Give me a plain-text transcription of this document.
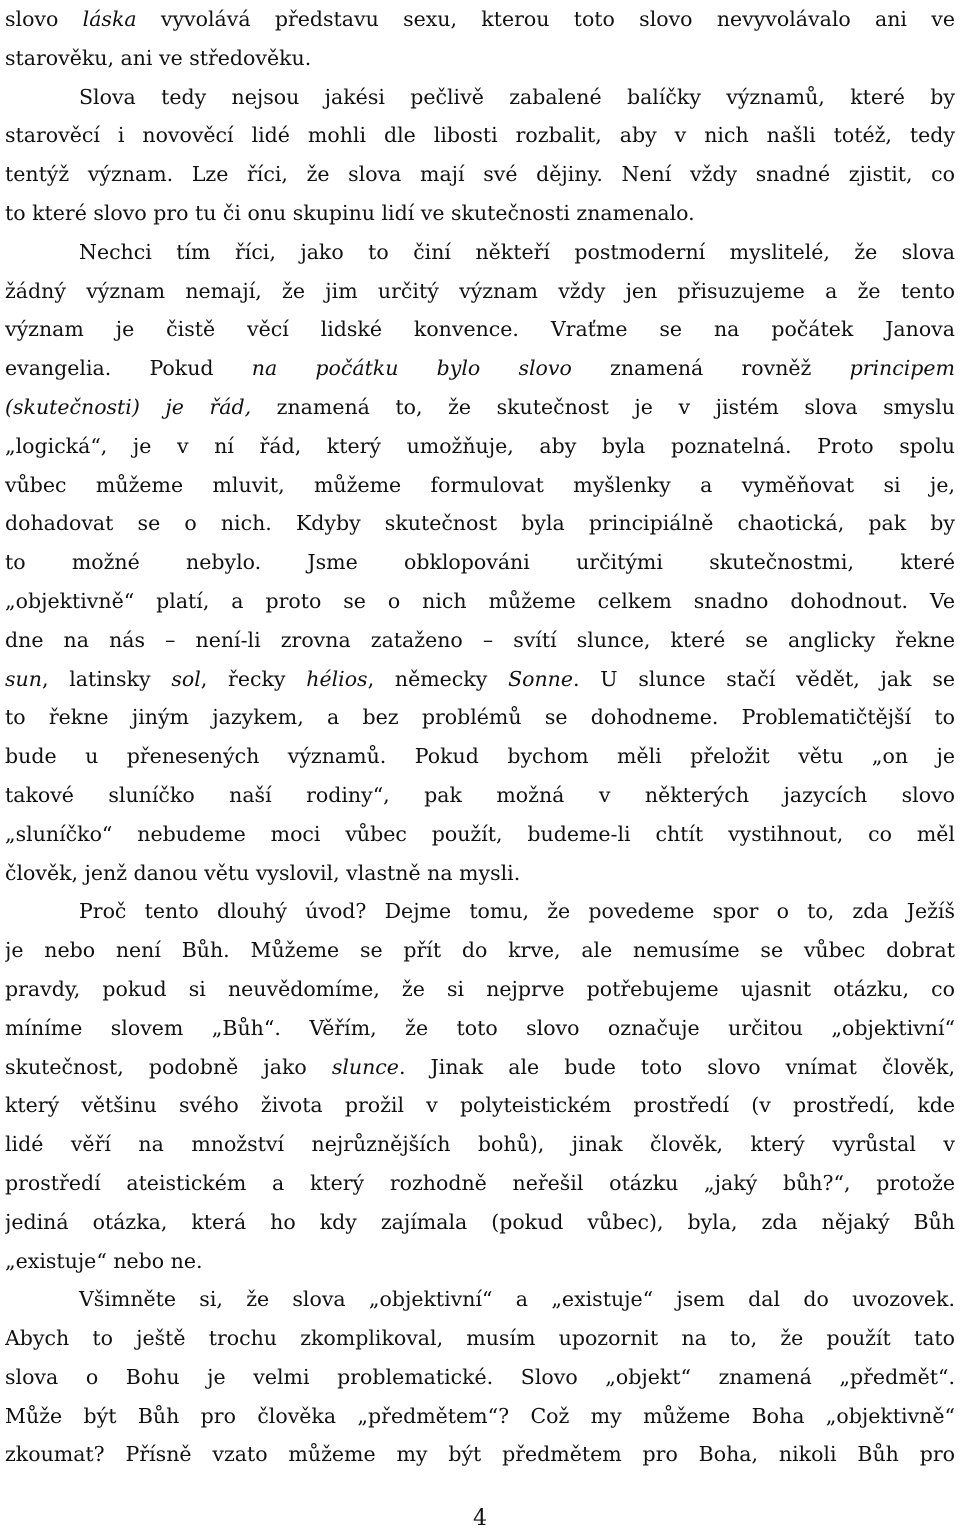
slovo láska vyvolává představu sexu, kterou toto slovo nevyvolávalo ani ve
starověku, ani ve středověku.
Slova tedy nejsou jakési pečlivě zabalené balíčky významů, které by
starověcí i novověcí lidé mohli dle libosti rozbalit, aby v nich našli totéž, tedy
tentýž význam. Lze říci, že slova mají své dějiny. Není vždy snadné zjistit, co
to které slovo pro tu či onu skupinu lidí ve skutečnosti znamenalo.
Nechci tím říci, jako to činí někteří postmoderní myslitelé, že slova
žádný význam nemají, že jim určitý význam vždy jen přisuzujeme a že tento
význam je čistě věcí lidské konvence. Vraťme se na počátek Janova
evangelia. Pokud na počátku bylo slovo znamená rovněž principem
(skutečnosti) je řád, znamená to, že skutečnost je v jistém slova smyslu
„logická“, je v ní řád, který umožňuje, aby byla poznatelná. Proto spolu
vůbec můžeme mluvit, můžeme formulovat myšlenky a vyměňovat si je,
dohadovat se o nich. Kdyby skutečnost byla principiálně chaotická, pak by
to možné nebylo. Jsme obklopováni určitými skutečnostmi, které
„objektivně“ platí, a proto se o nich můžeme celkem snadno dohodnout. Ve
dne na nás – není-li zrovna zataženo – svítí slunce, které se anglicky řekne
sun, latinsky sol, řecky hélios, německy Sonne. U slunce stačí vědět, jak se
to řekne jiným jazykem, a bez problémů se dohodneme. Problematičtější to
bude u přenesených významů. Pokud bychom měli přeložit větu „on je
takové sluníčko naší rodiny“, pak možná v některých jazycích slovo
„sluníčko“ nebudeme moci vůbec použít, budeme-li chtít vystihnout, co měl
člověk, jenž danou větu vyslovil, vlastně na mysli.
Proč tento dlouhý úvod? Dejme tomu, že povedeme spor o to, zda Ježíš
je nebo není Bůh. Můžeme se přít do krve, ale nemusíme se vůbec dobrat
pravdy, pokud si neuvědomíme, že si nejprve potřebujeme ujasnit otázku, co
míníme slovem „Bůh“. Věřím, že toto slovo označuje určitou „objektivní“
skutečnost, podobně jako slunce. Jinak ale bude toto slovo vnímat člověk,
který většinu svého života prožil v polyteistickém prostředí (v prostředí, kde
lidé věří na množství nejrůznějších bohů), jinak člověk, který vyrůstal v
prostředí ateistickém a který rozhodně neřešil otázku „jaký bůh?“, protože
jediná otázka, která ho kdy zajímala (pokud vůbec), byla, zda nějaký Bůh
„existuje“ nebo ne.
Všimněte si, že slova „objektivní“ a „existuje“ jsem dal do uvozovek.
Abych to ještě trochu zkomplikoval, musím upozornit na to, že použít tato
slova o Bohu je velmi problematické. Slovo „objekt“ znamená „předmět“.
Může být Bůh pro člověka „předmětem“? Což my můžeme Boha „objektivně“
zkoumat? Přísně vzato můžeme my být předmětem pro Boha, nikoli Bůh pro
4
